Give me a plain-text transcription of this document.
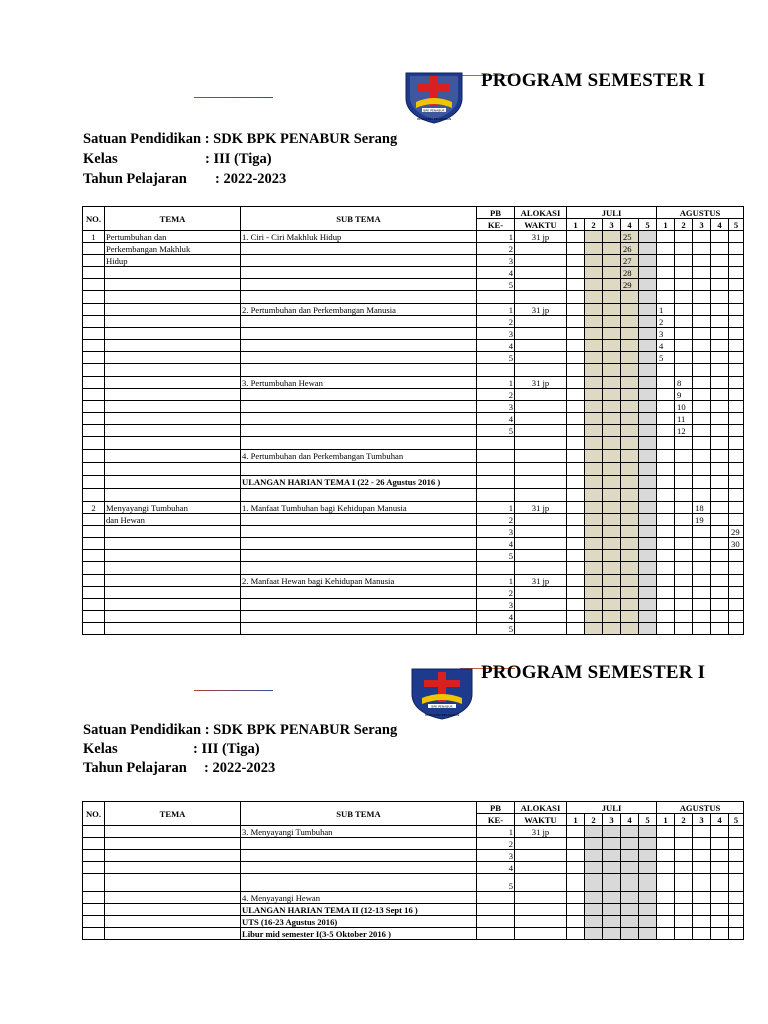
BPK PENABUR
IMAN ILMU PELAYANAN
PROGRAM SEMESTER I
Satuan Pendidikan : SDK BPK PENABUR Serang
Kelas	: III (Tiga)
Tahun Pelajaran : 2022-2023
NO.	TEMA	SUB TEMA	PB	ALOKASI	JULI					AGUSTUS				
			KE-	WAKTU	1	2	3	4	5	1	2	3	4	5
1	Pertumbuhan dan	1. Ciri - Ciri Makhluk Hidup	1	31 jp				25						
	Perkembangan Makhluk		2					26						
	Hidup		3					27						
			4					28						
			5					29						

		2. Pertumbuhan dan Perkembangan Manusia	1	31 jp						1				
			2							2				
			3							3				
			4							4				
			5							5				

		3. Pertumbuhan Hewan	1	31 jp							8			
			2								9			
			3								10			
			4								11			
			5								12			

		4. Pertumbuhan dan Perkembangan Tumbuhan												

		ULANGAN HARIAN TEMA I (22 - 26 Agustus 2016 )												

2	Menyayangi Tumbuhan	1. Manfaat Tumbuhan bagi Kehidupan Manusia	1	31 jp								18		
	dan Hewan		2									19		
			3											29
			4											30
			5											

		2. Manfaat Hewan bagi Kehidupan Manusia	1	31 jp										
			2											
			3											
			4											
			5											
BPK PENABUR
IMAN ILMU PELAYANAN
PROGRAM SEMESTER I
Satuan Pendidikan : SDK BPK PENABUR Serang
Kelas	: III (Tiga)
Tahun Pelajaran : 2022-2023
NO.	TEMA	SUB TEMA	PB	ALOKASI	JULI					AGUSTUS				
			KE-	WAKTU	1	2	3	4	5	1	2	3	4	5
		3. Menyayangi Tumbuhan	1	31 jp										
			2											
			3											
			4											
			5											
		4. Menyayangi Hewan												
		ULANGAN HARIAN TEMA II (12-13 Sept 16 )												
		UTS (16-23 Agustus 2016)												
		Libur mid semester I(3-5 Oktober 2016 )												
